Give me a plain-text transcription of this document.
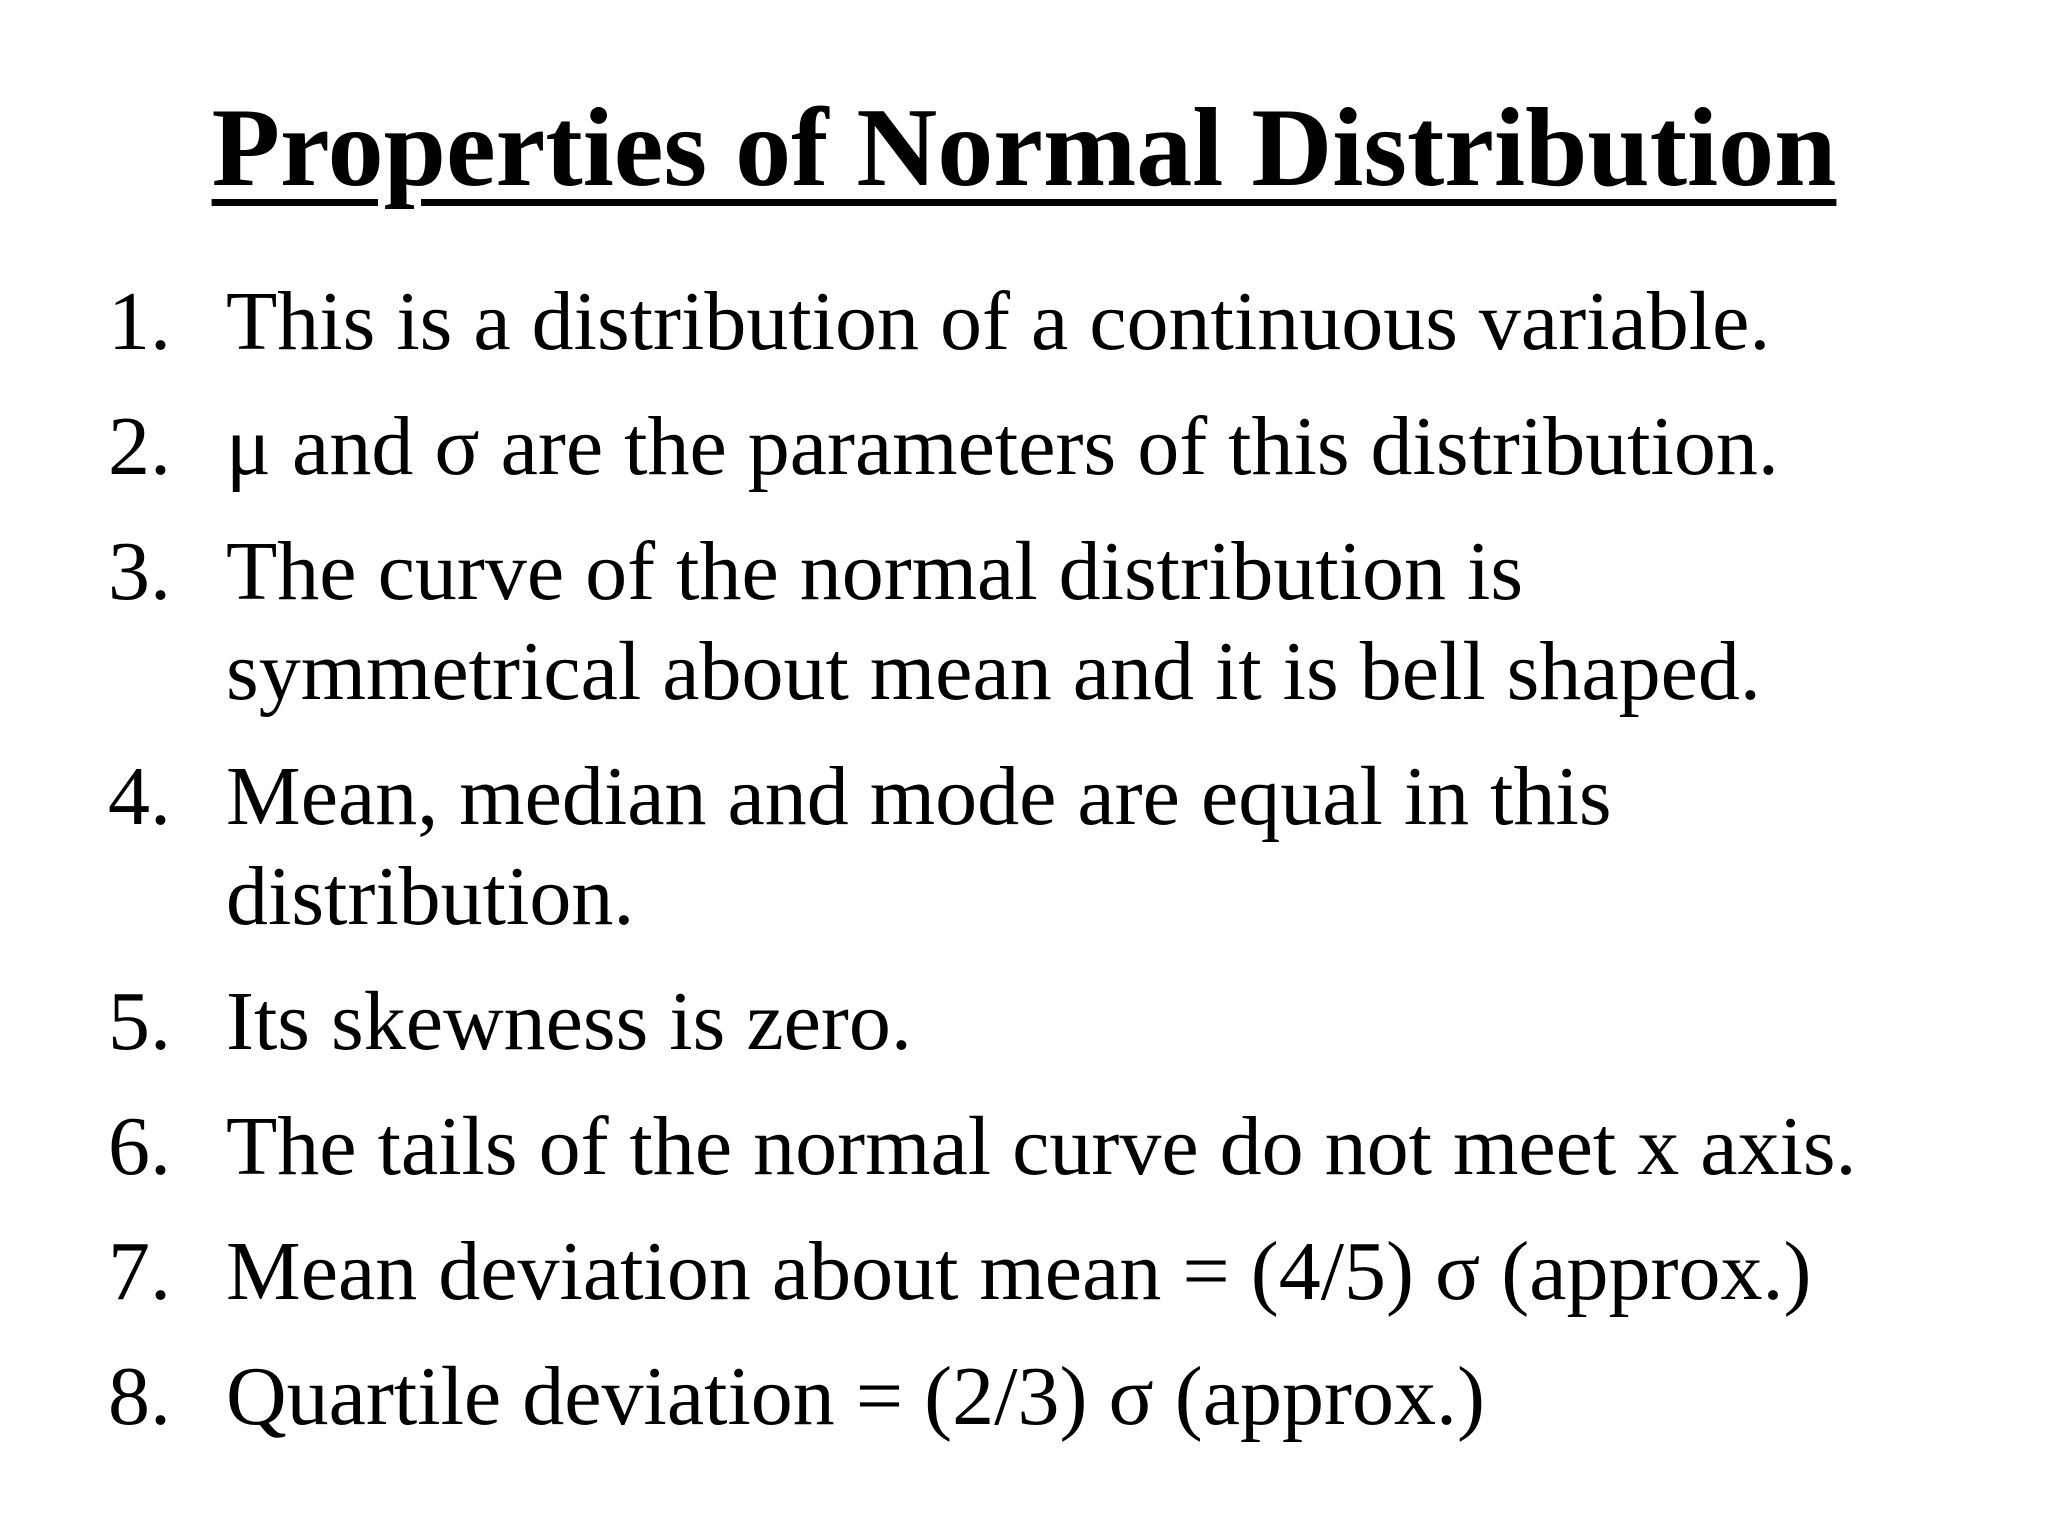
Properties of Normal Distribution
1. This is a distribution of a continuous variable.
2. μ and σ are the parameters of this distribution.
3. The curve of the normal distribution is
symmetrical about mean and it is bell shaped.
4. Mean, median and mode are equal in this
distribution.
5. Its skewness is zero.
6. The tails of the normal curve do not meet x axis.
7. Mean deviation about mean = (4/5) σ (approx.)
8. Quartile deviation = (2/3) σ (approx.)
